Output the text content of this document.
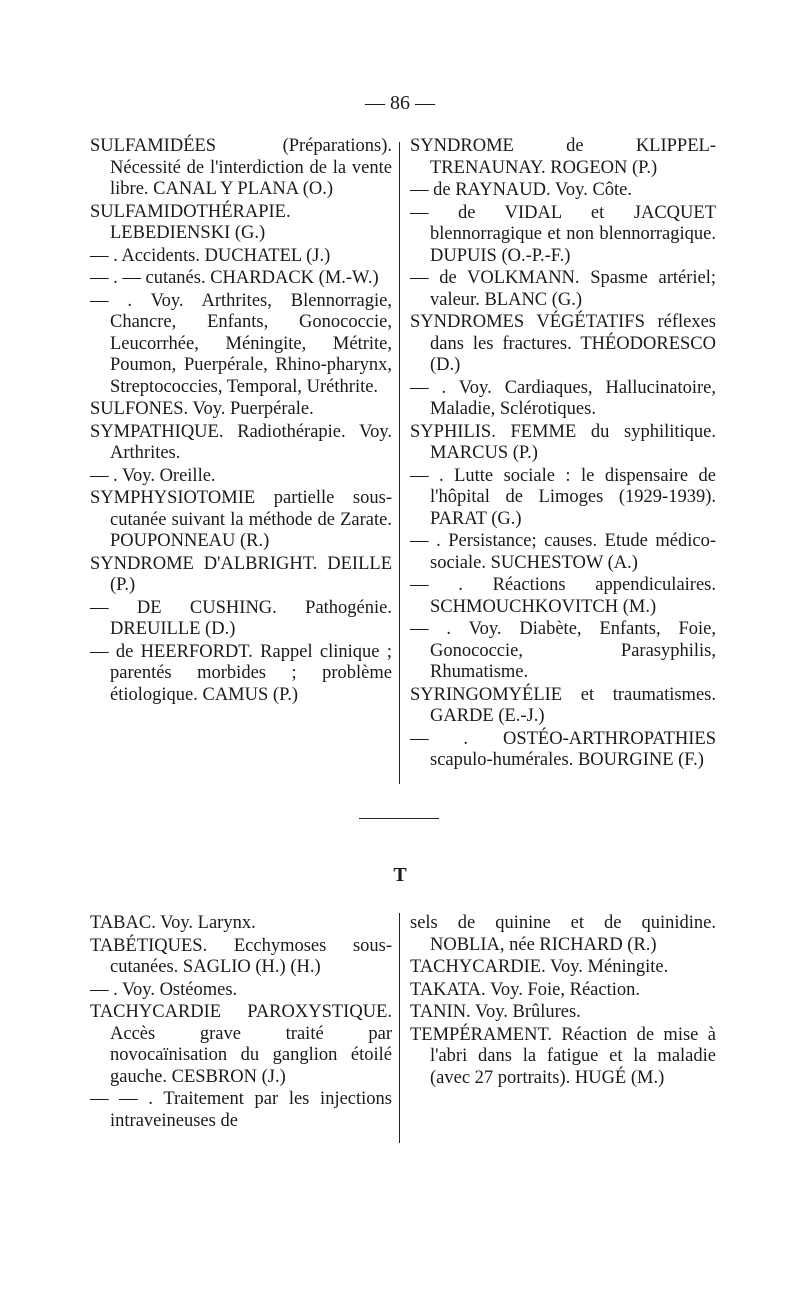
— 86 —

SULFAMIDÉES (Préparations). Nécessité de l'interdiction de la vente libre. CANAL Y PLANA (O.)

SULFAMIDOTHÉRAPIE. LEBEDIENSKI (G.)

— . Accidents. DUCHATEL (J.)

— . — cutanés. CHARDACK (M.-W.)

— . Voy. Arthrites, Blennorragie, Chancre, Enfants, Gonococcie, Leucorrhée, Méningite, Métrite, Poumon, Puerpérale, Rhino-pharynx, Streptococcies, Temporal, Uréthrite.

SULFONES. Voy. Puerpérale.

SYMPATHIQUE. Radiothérapie. Voy. Arthrites.

— . Voy. Oreille.

SYMPHYSIOTOMIE partielle sous-cutanée suivant la méthode de Zarate. POUPONNEAU (R.)

SYNDROME D'ALBRIGHT. DEILLE (P.)

— DE CUSHING. Pathogénie. DREUILLE (D.)

— de HEERFORDT. Rappel clinique ; parentés morbides ; problème étiologique. CAMUS (P.)

SYNDROME de KLIPPEL-TRENAUNAY. ROGEON (P.)

— de RAYNAUD. Voy. Côte.

— de VIDAL et JACQUET blennorragique et non blennorragique. DUPUIS (O.-P.-F.)

— de VOLKMANN. Spasme artériel; valeur. BLANC (G.)

SYNDROMES VÉGÉTATIFS réflexes dans les fractures. THÉODORESCO (D.)

— . Voy. Cardiaques, Hallucinatoire, Maladie, Sclérotiques.

SYPHILIS. FEMME du syphilitique. MARCUS (P.)

— . Lutte sociale : le dispensaire de l'hôpital de Limoges (1929-1939). PARAT (G.)

— . Persistance; causes. Etude médico-sociale. SUCHESTOW (A.)

— . Réactions appendiculaires. SCHMOUCHKOVITCH (M.)

— . Voy. Diabète, Enfants, Foie, Gonococcie, Parasyphilis, Rhumatisme.

SYRINGOMYÉLIE et traumatismes. GARDE (E.-J.)

— . OSTÉO-ARTHROPATHIES scapulo-humérales. BOURGINE (F.)

T

TABAC. Voy. Larynx.

TABÉTIQUES. Ecchymoses sous-cutanées. SAGLIO (H.) (H.)

— . Voy. Ostéomes.

TACHYCARDIE PAROXYSTIQUE. Accès grave traité par novocaïnisation du ganglion étoilé gauche. CESBRON (J.)

— — . Traitement par les injections intraveineuses de

sels de quinine et de quinidine. NOBLIA, née RICHARD (R.)

TACHYCARDIE. Voy. Méningite.

TAKATA. Voy. Foie, Réaction.

TANIN. Voy. Brûlures.

TEMPÉRAMENT. Réaction de mise à l'abri dans la fatigue et la maladie (avec 27 portraits). HUGÉ (M.)
